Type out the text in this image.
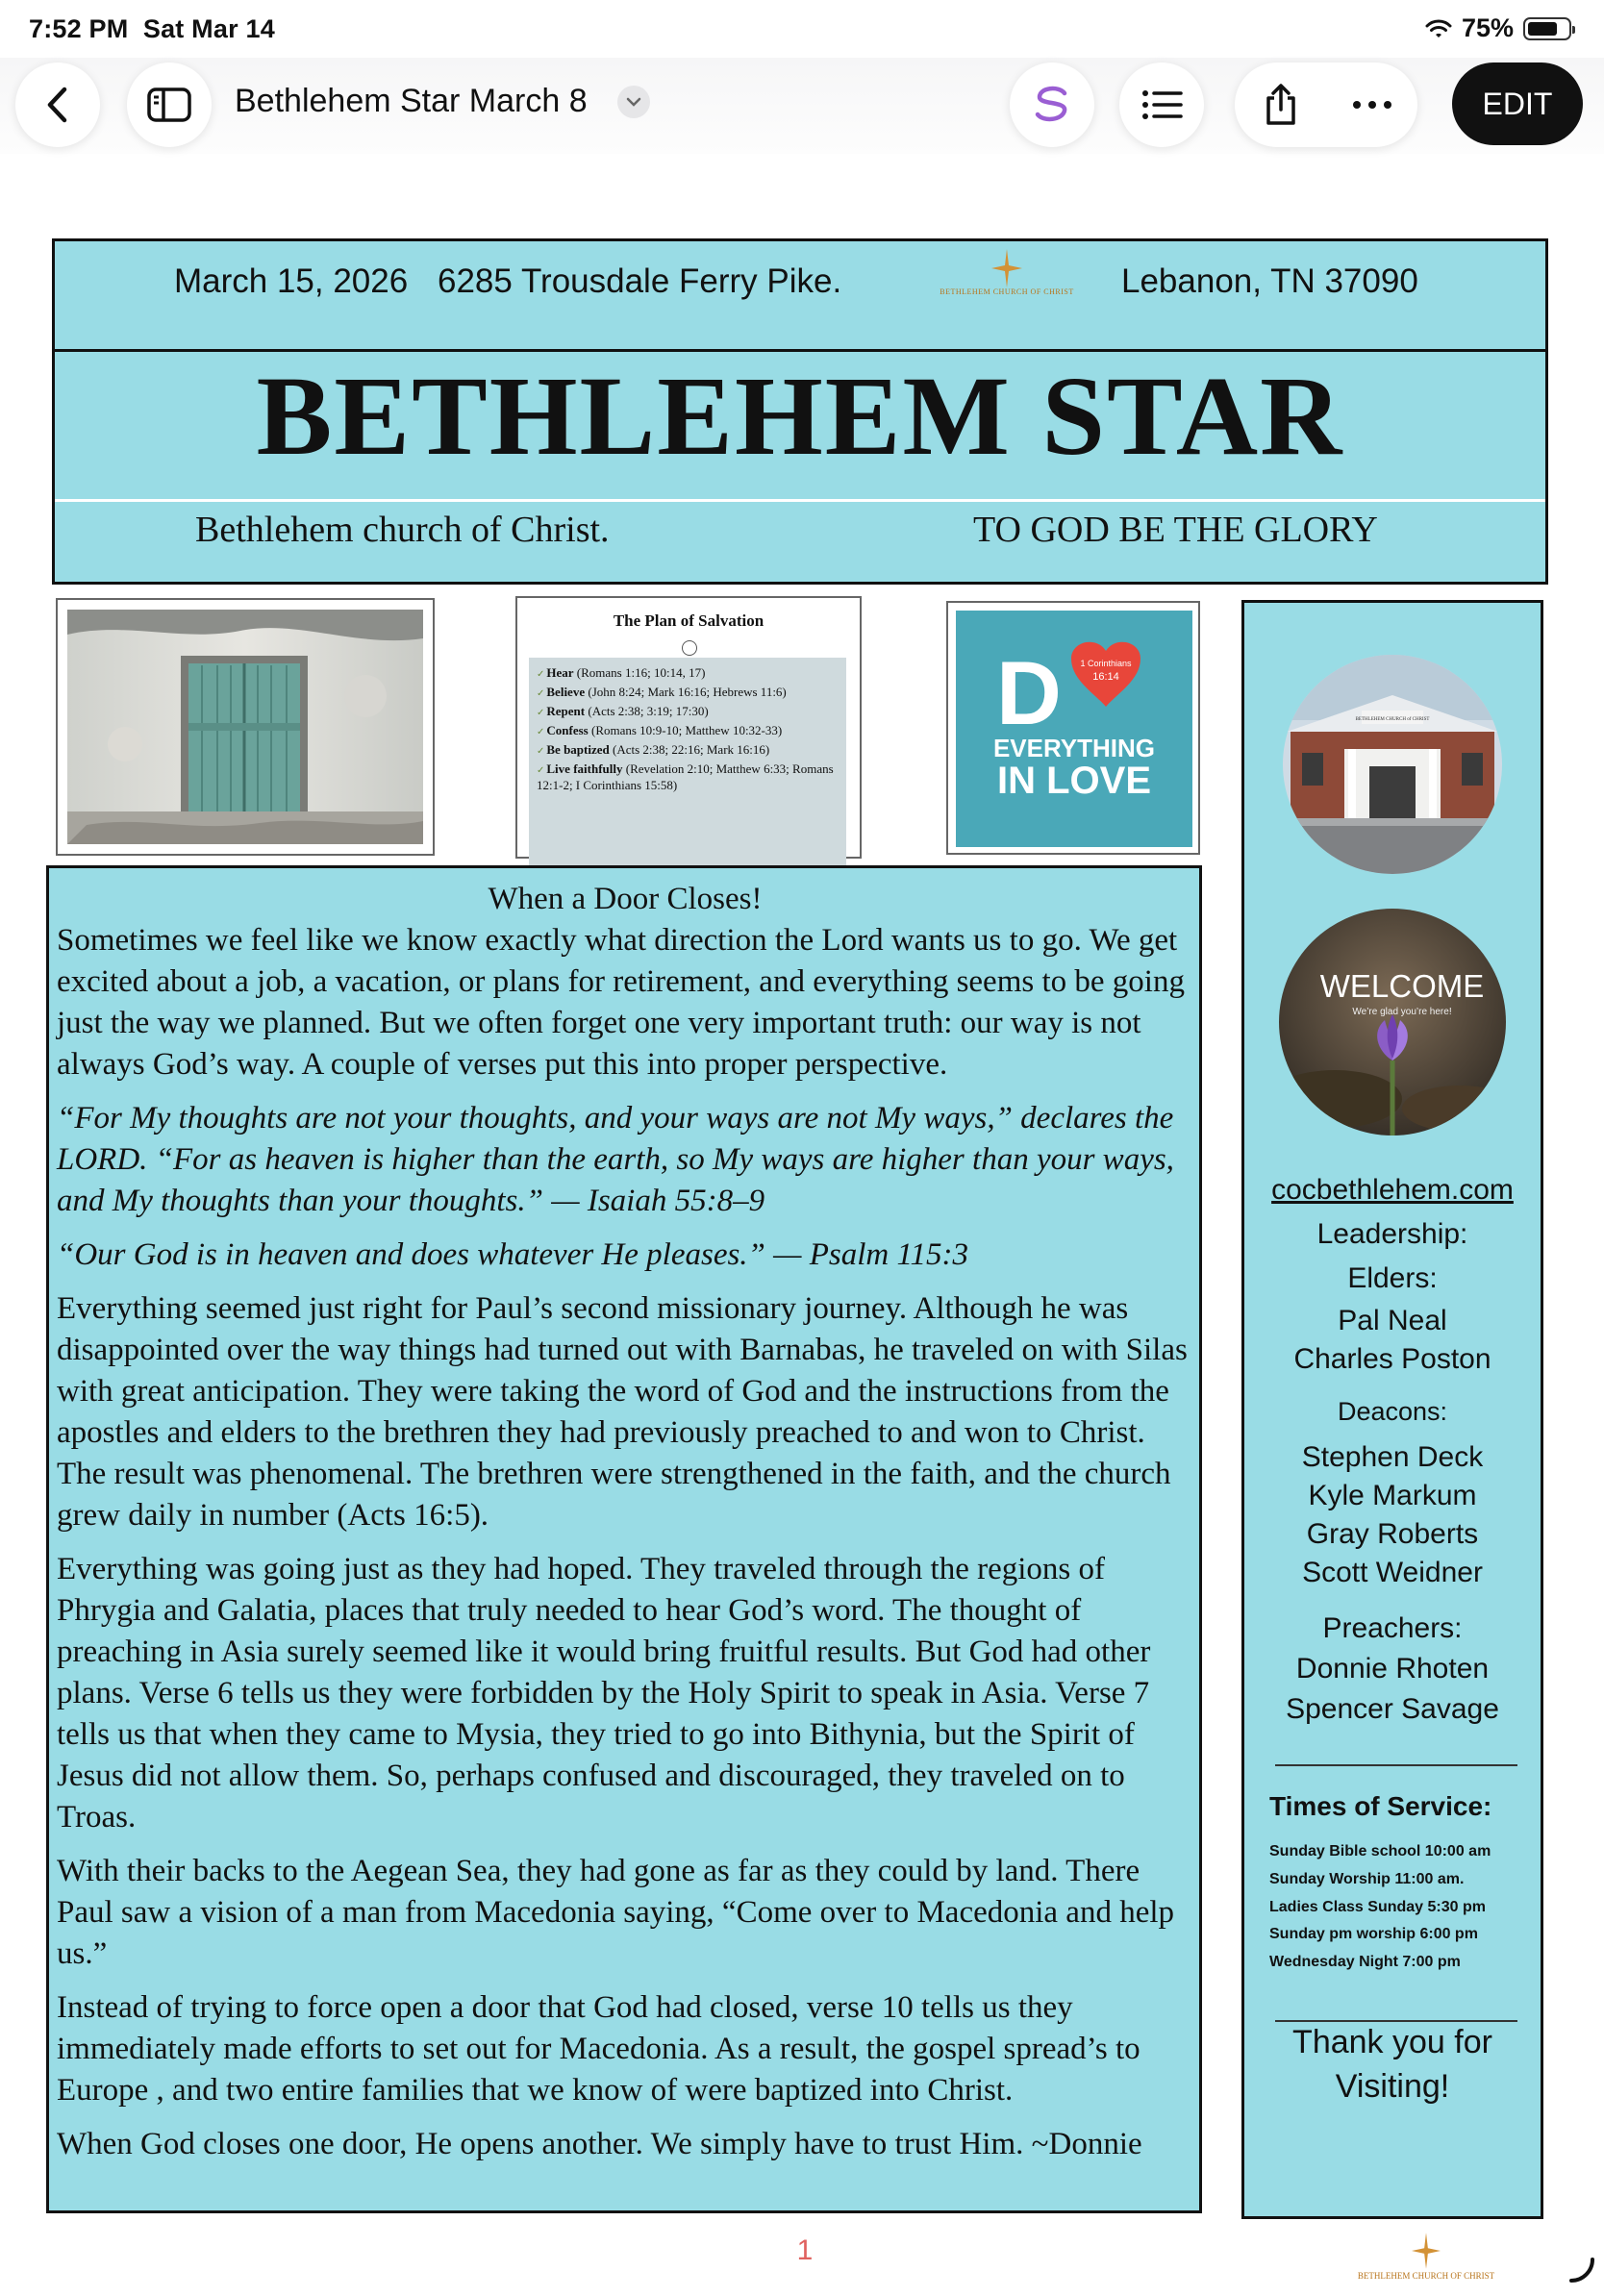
7:52 PM Sat Mar 14	75%
Bethlehem Star March 8	EDIT
March 15, 2026 6285 Trousdale Ferry Pike.	BETHLEHEM CHURCH OF CHRIST Lebanon, TN 37090
BETHLEHEM STAR
Bethlehem church of Christ.	TO GOD BE THE GLORY
The Plan of Salvation
✓ Hear (Romans 1:16; 10:14, 17)
✓ Believe (John 8:24; Mark 16:16; Hebrews 11:6)
✓ Repent (Acts 2:38; 3:19; 17:30)
✓ Confess (Romans 10:9-10; Matthew 10:32-33)
✓ Be baptized (Acts 2:38; 22:16; Mark 16:16)
✓ Live faithfully (Revelation 2:10; Matthew 6:33; Romans 12:1-2; I Corinthians 15:58)
D 1 Corinthians
16:14
EVERYTHING
IN LOVE
When a Door Closes!

Sometimes we feel like we know exactly what direction the Lord wants us to go. We get excited about a job, a vacation, or plans for retirement, and everything seems to be going just the way we planned. But we often forget one very important truth: our way is not always God’s way. A couple of verses put this into proper perspective.

“For My thoughts are not your thoughts, and your ways are not My ways,” declares the LORD. “For as heaven is higher than the earth, so My ways are higher than your ways, and My thoughts than your thoughts.” — Isaiah 55:8–9

“Our God is in heaven and does whatever He pleases.” — Psalm 115:3

Everything seemed just right for Paul’s second missionary journey. Although he was disappointed over the way things had turned out with Barnabas, he traveled on with Silas with great anticipation. They were taking the word of God and the instructions from the apostles and elders to the brethren they had previously preached to and won to Christ. The result was phenomenal. The brethren were strengthened in the faith, and the church grew daily in number (Acts 16:5).

Everything was going just as they had hoped. They traveled through the regions of Phrygia and Galatia, places that truly needed to hear God’s word. The thought of preaching in Asia surely seemed like it would bring fruitful results. But God had other plans. Verse 6 tells us they were forbidden by the Holy Spirit to speak in Asia. Verse 7 tells us that when they came to Mysia, they tried to go into Bithynia, but the Spirit of Jesus did not allow them. So, perhaps confused and discouraged, they traveled on to Troas.

With their backs to the Aegean Sea, they had gone as far as they could by land. There Paul saw a vision of a man from Macedonia saying, “Come over to Macedonia and help us.”

Instead of trying to force open a door that God had closed, verse 10 tells us they immediately made efforts to set out for Macedonia. As a result, the gospel spread’s to Europe , and two entire families that we know of were baptized into Christ.

When God closes one door, He opens another. We simply have to trust Him. ~Donnie

BETHLEHEM CHURCH of CHRIST
WELCOME
We’re glad you’re here!
cocbethlehem.com
Leadership:
Elders:
Pal Neal
Charles Poston
Deacons:
Stephen Deck
Kyle Markum
Gray Roberts
Scott Weidner
Preachers:
Donnie Rhoten
Spencer Savage
Times of Service:
Sunday Bible school 10:00 am
Sunday Worship 11:00 am.
Ladies Class Sunday 5:30 pm
Sunday pm worship 6:00 pm
Wednesday Night 7:00 pm
Thank you for
Visiting!
1
BETHLEHEM CHURCH OF CHRIST
